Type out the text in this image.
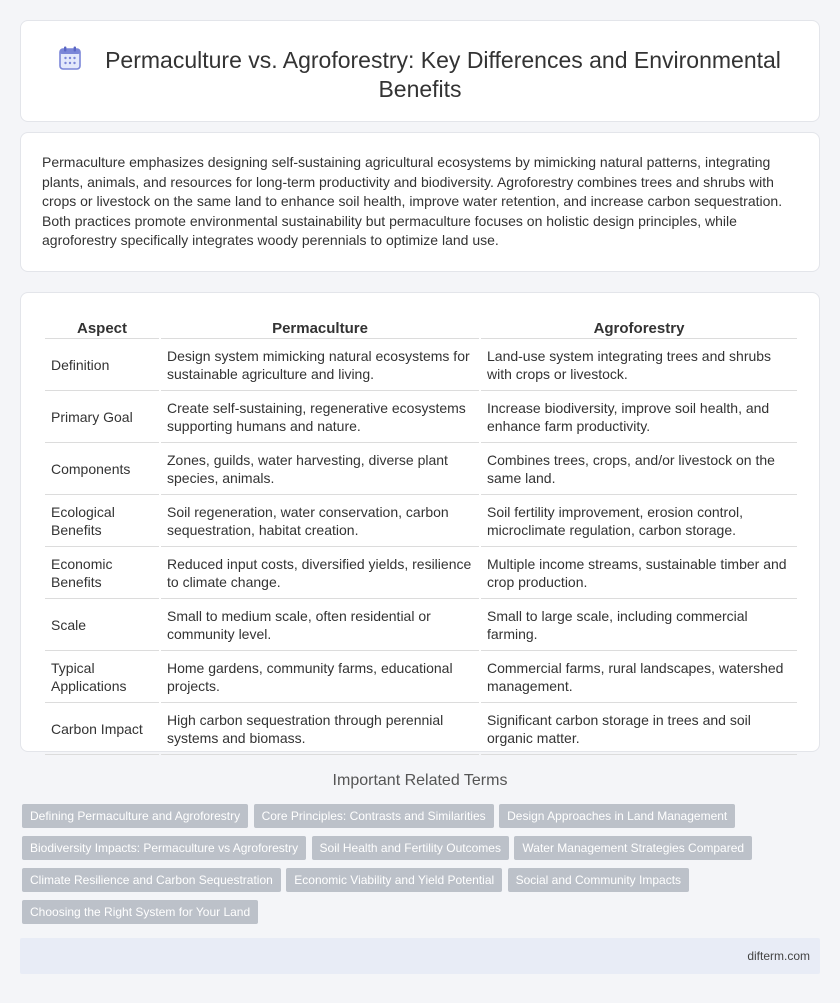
Permaculture vs. Agroforestry: Key Differences and Environmental Benefits

Permaculture emphasizes designing self-sustaining agricultural ecosystems by mimicking natural patterns, integrating plants, animals, and resources for long-term productivity and biodiversity. Agroforestry combines trees and shrubs with crops or livestock on the same land to enhance soil health, improve water retention, and increase carbon sequestration. Both practices promote environmental sustainability but permaculture focuses on holistic design principles, while agroforestry specifically integrates woody perennials to optimize land use.

Aspect	Permaculture	Agroforestry
Definition	Design system mimicking natural ecosystems for sustainable agriculture and living.	Land-use system integrating trees and shrubs with crops or livestock.
Primary Goal	Create self-sustaining, regenerative ecosystems supporting humans and nature.	Increase biodiversity, improve soil health, and enhance farm productivity.
Components	Zones, guilds, water harvesting, diverse plant species, animals.	Combines trees, crops, and/or livestock on the same land.
Ecological Benefits	Soil regeneration, water conservation, carbon sequestration, habitat creation.	Soil fertility improvement, erosion control, microclimate regulation, carbon storage.
Economic Benefits	Reduced input costs, diversified yields, resilience to climate change.	Multiple income streams, sustainable timber and crop production.
Scale	Small to medium scale, often residential or community level.	Small to large scale, including commercial farming.
Typical Applications	Home gardens, community farms, educational projects.	Commercial farms, rural landscapes, watershed management.
Carbon Impact	High carbon sequestration through perennial systems and biomass.	Significant carbon storage in trees and soil organic matter.
Important Related Terms
Defining Permaculture and Agroforestry Core Principles: Contrasts and Similarities Design Approaches in Land Management Biodiversity Impacts: Permaculture vs Agroforestry Soil Health and Fertility Outcomes Water Management Strategies Compared Climate Resilience and Carbon Sequestration Economic Viability and Yield Potential Social and Community Impacts Choosing the Right System for Your Land
difterm.com
